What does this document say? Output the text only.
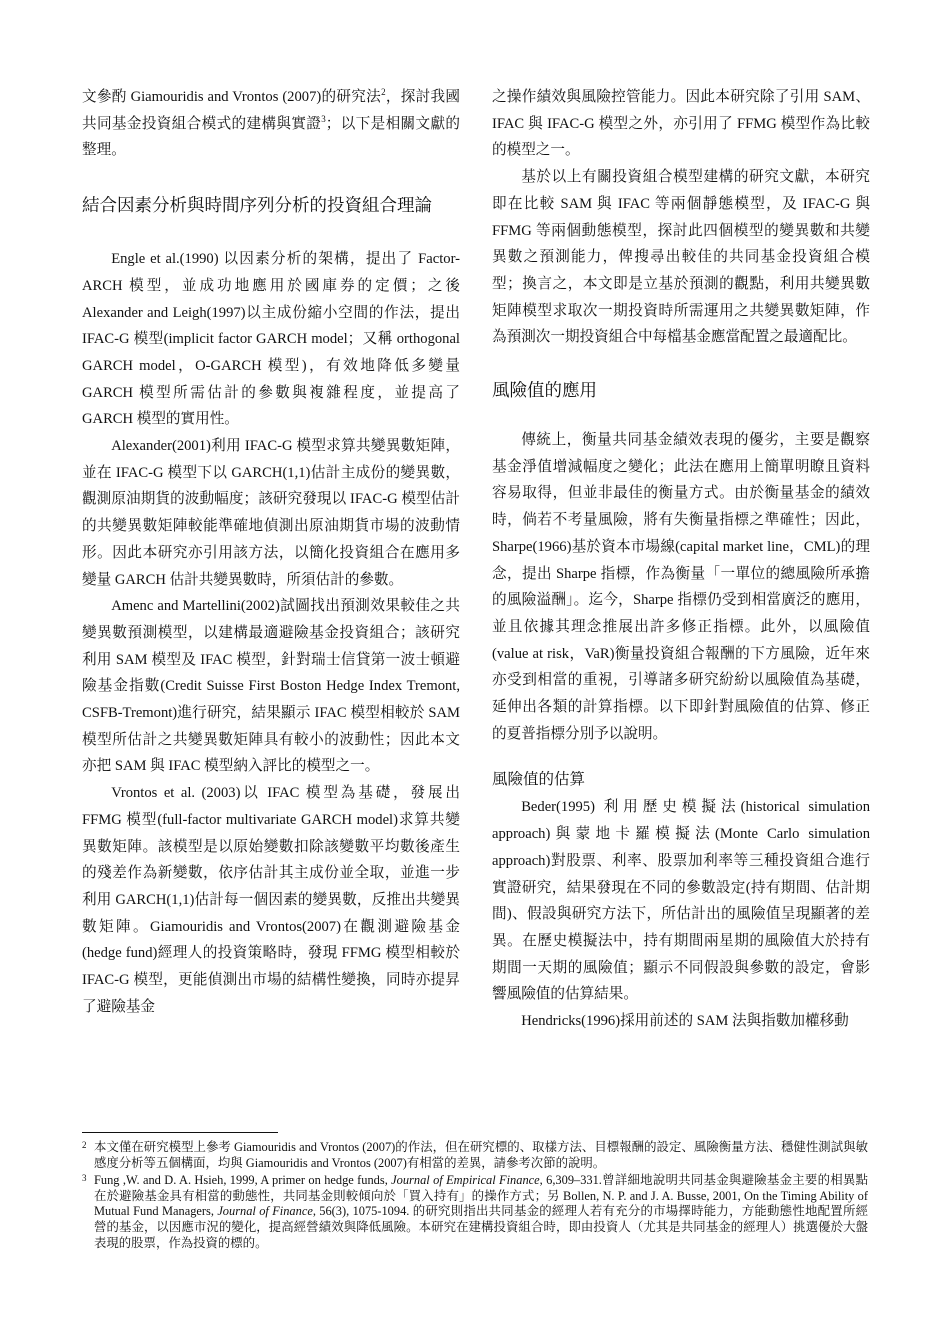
文參酌 Giamouridis and Vrontos (2007)的研究法$^2$，探討我國共同基金投資組合模式的建構與實證$^3$；以下是相關文獻的整理。

結合因素分析與時間序列分析的投資組合理論

Engle et al.(1990) 以因素分析的架構，提出了 Factor-ARCH 模型，並成功地應用於國庫券的定價；之後 Alexander and Leigh(1997)以主成份縮小空間的作法，提出 IFAC-G 模型(implicit factor GARCH model；又稱 orthogonal GARCH model，O-GARCH 模型)，有效地降低多變量 GARCH 模型所需估計的參數與複雜程度，並提高了 GARCH 模型的實用性。

Alexander(2001)利用 IFAC-G 模型求算共變異數矩陣，並在 IFAC-G 模型下以 GARCH(1,1)估計主成份的變異數，觀測原油期貨的波動幅度；該研究發現以 IFAC-G 模型估計的共變異數矩陣較能準確地偵測出原油期貨市場的波動情形。因此本研究亦引用該方法，以簡化投資組合在應用多變量 GARCH 估計共變異數時，所須估計的參數。

Amenc and Martellini(2002)試圖找出預測效果較佳之共變異數預測模型，以建構最適避險基金投資組合；該研究利用 SAM 模型及 IFAC 模型，針對瑞士信貸第一波士頓避險基金指數(Credit Suisse First Boston Hedge Index Tremont, CSFB-Tremont)進行研究，結果顯示 IFAC 模型相較於 SAM 模型所估計之共變異數矩陣具有較小的波動性；因此本文亦把 SAM 與 IFAC 模型納入評比的模型之一。

Vrontos et al. (2003)以 IFAC 模型為基礎，發展出 FFMG 模型(full-factor multivariate GARCH model)求算共變異數矩陣。該模型是以原始變數扣除該變數平均數後產生的殘差作為新變數，依序估計其主成份並全取，並進一步利用 GARCH(1,1)估計每一個因素的變異數，反推出共變異數矩陣。Giamouridis and Vrontos(2007)在觀測避險基金(hedge fund)經理人的投資策略時，發現 FFMG 模型相較於 IFAC-G 模型，更能偵測出市場的結構性變換，同時亦提昇了避險基金

之操作績效與風險控管能力。因此本研究除了引用 SAM、IFAC 與 IFAC-G 模型之外，亦引用了 FFMG 模型作為比較的模型之一。

基於以上有關投資組合模型建構的研究文獻，本研究即在比較 SAM 與 IFAC 等兩個靜態模型，及 IFAC-G 與 FFMG 等兩個動態模型，探討此四個模型的變異數和共變異數之預測能力，俾搜尋出較佳的共同基金投資組合模型；換言之，本文即是立基於預測的觀點，利用共變異數矩陣模型求取次一期投資時所需運用之共變異數矩陣，作為預測次一期投資組合中每檔基金應當配置之最適配比。

風險值的應用

傳統上，衡量共同基金績效表現的優劣，主要是觀察基金淨值增減幅度之變化；此法在應用上簡單明瞭且資料容易取得，但並非最佳的衡量方式。由於衡量基金的績效時，倘若不考量風險，將有失衡量指標之準確性；因此，Sharpe(1966)基於資本市場線(capital market line，CML)的理念，提出 Sharpe 指標，作為衡量「一單位的總風險所承擔的風險溢酬」。迄今，Sharpe 指標仍受到相當廣泛的應用，並且依據其理念推展出許多修正指標。此外，以風險值(value at risk，VaR)衡量投資組合報酬的下方風險，近年來亦受到相當的重視，引導諸多研究紛紛以風險值為基礎，延伸出各類的計算指標。以下即針對風險值的估算、修正的夏普指標分別予以說明。

風險值的估算

Beder(1995) 利用歷史模擬法(historical simulation approach)與蒙地卡羅模擬法(Monte Carlo simulation approach)對股票、利率、股票加利率等三種投資組合進行實證研究，結果發現在不同的參數設定(持有期間、估計期間)、假設與研究方法下，所估計出的風險值呈現顯著的差異。在歷史模擬法中，持有期間兩星期的風險值大於持有期間一天期的風險值；顯示不同假設與參數的設定，會影響風險值的估算結果。

Hendricks(1996)採用前述的 SAM 法與指數加權移動

2 本文僅在研究模型上參考 Giamouridis and Vrontos (2007)的作法，但在研究標的、取樣方法、目標報酬的設定、風險衡量方法、穩健性測試與敏感度分析等五個構面，均與 Giamouridis and Vrontos (2007)有相當的差異，請參考次節的說明。

3 Fung ,W. and D. A. Hsieh, 1999, A primer on hedge funds, Journal of Empirical Finance, 6,309–331.曾詳細地說明共同基金與避險基金主要的相異點在於避險基金具有相當的動態性，共同基金則較傾向於「買入持有」的操作方式；另 Bollen, N. P. and J. A. Busse, 2001, On the Timing Ability of Mutual Fund Managers, Journal of Finance, 56(3), 1075-1094. 的研究則指出共同基金的經理人若有充分的市場擇時能力，方能動態性地配置所經營的基金，以因應市況的變化，提高經營績效與降低風險。本研究在建構投資組合時，即由投資人（尤其是共同基金的經理人）挑選優於大盤表現的股票，作為投資的標的。
